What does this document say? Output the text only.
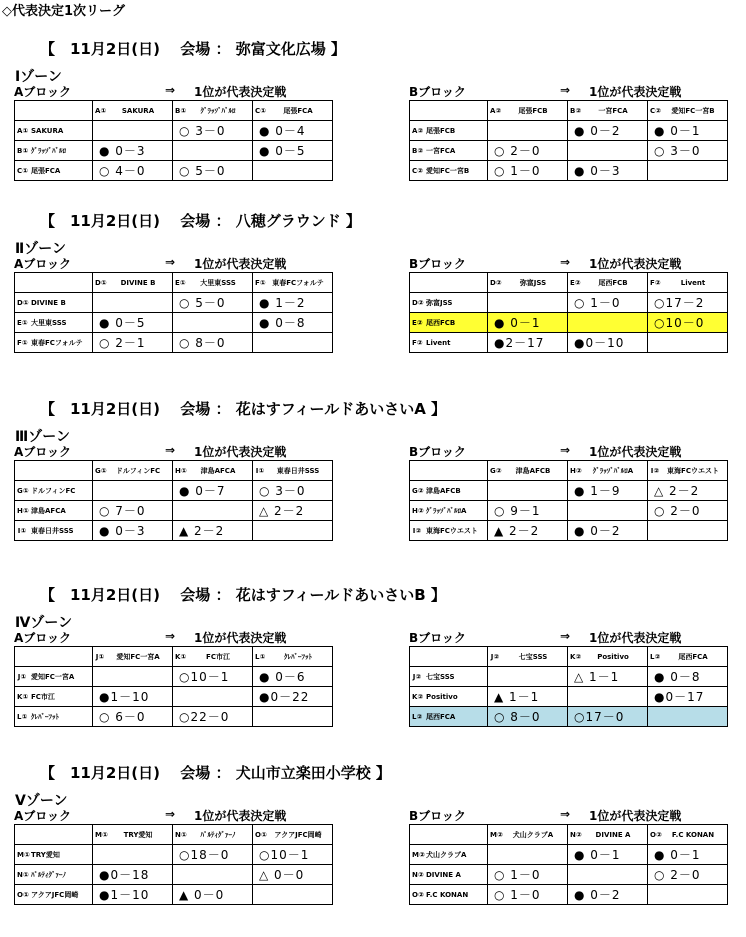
◇代表決定1次リーグ
【　11月2日(日)　 会場 ： 弥富文化広場 】
Ⅰゾーン
Aブロック	⇒ 1位が代表決定戦
	A① SAKURA	B① ｸﾞﾗｯｿﾞﾊﾞﾙﾛ	C① 尾張FCA
A① SAKURA		○ 3－0	● 0－4
B① ｸﾞﾗｯｿﾞﾊﾞﾙﾛ	● 0－3		● 0－5
C① 尾張FCA	○ 4－0	○ 5－0	
Bブロック	⇒ 1位が代表決定戦
	A② 尾張FCB	B② 一宮FCA	C② 愛知FC一宮B
A② 尾張FCB		● 0－2	● 0－1
B② 一宮FCA	○ 2－0		○ 3－0
C② 愛知FC一宮B	○ 1－0	● 0－3	
【　11月2日(日)　 会場 ： 八穂グラウンド 】
Ⅱゾーン
Aブロック	⇒ 1位が代表決定戦
	D① DIVINE B	E① 大里東SSS	F① 東春FCフォルテ
D① DIVINE B		○ 5－0	● 1－2
E① 大里東SSS	● 0－5		● 0－8
F① 東春FCフォルテ	○ 2－1	○ 8－0	
Bブロック	⇒ 1位が代表決定戦
	D② 弥富JSS	E② 尾西FCB	F② Livent
D② 弥富JSS		○ 1－0	○17－2
E② 尾西FCB	● 0－1		○10－0
F② Livent	●2－17	●0－10	
【　11月2日(日)　 会場 ： 花はすフィールドあいさいA 】
Ⅲゾーン
Aブロック	⇒ 1位が代表決定戦
	G① ドルフィンFC	H① 津島AFCA	I① 東春日井SSS
G① ドルフィンFC		● 0－7	○ 3－0
H① 津島AFCA	○ 7－0		△ 2－2
I① 東春日井SSS	● 0－3	▲ 2－2	
Bブロック	⇒ 1位が代表決定戦
	G② 津島AFCB	H② ｸﾞﾗｯｿﾞﾊﾞﾙﾛA	I② 東海FCウエスト
G② 津島AFCB		● 1－9	△ 2－2
H② ｸﾞﾗｯｿﾞﾊﾞﾙﾛA	○ 9－1		○ 2－0
I② 東海FCウエスト	▲ 2－2	● 0－2	
【　11月2日(日)　 会場 ： 花はすフィールドあいさいB 】
Ⅳゾーン
Aブロック	⇒ 1位が代表決定戦
	J① 愛知FC一宮A	K① FC市江	L① ｸﾚﾊﾞｰﾌｯﾄ
J① 愛知FC一宮A		○10－1	● 0－6
K① FC市江	●1－10		●0－22
L① ｸﾚﾊﾞｰﾌｯﾄ	○ 6－0	○22－0	
Bブロック	⇒ 1位が代表決定戦
	J② 七宝SSS	K② Positivo	L② 尾西FCA
J② 七宝SSS		△ 1－1	● 0－8
K② Positivo	▲ 1－1		●0－17
L② 尾西FCA	○ 8－0	○17－0	
【　11月2日(日)　 会場 ： 犬山市立楽田小学校 】
Ⅴゾーン
Aブロック	⇒ 1位が代表決定戦
	M① TRY愛知	N① ﾊﾟﾙﾃｨｸﾞｧｰﾉ	O① アクアJFC岡崎
M①TRY愛知		○18－0	○10－1
N① ﾊﾟﾙﾃｨｸﾞｧｰﾉ	●0－18		△ 0－0
O① アクアJFC岡崎	●1－10	▲ 0－0	
Bブロック	⇒ 1位が代表決定戦
	M② 犬山クラブA	N② DIVINE A	O② F.C KONAN
M②犬山クラブA		● 0－1	● 0－1
N② DIVINE A	○ 1－0		○ 2－0
O② F.C KONAN	○ 1－0	● 0－2	
